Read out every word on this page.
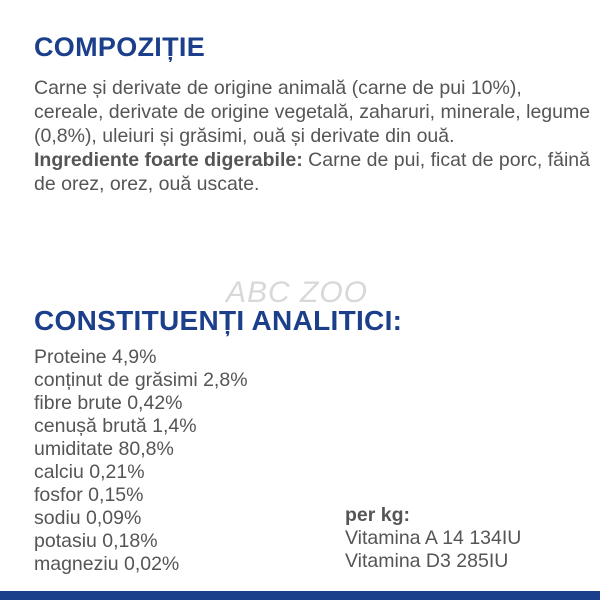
COMPOZIȚIE

Carne și derivate de origine animală (carne de pui 10%), cereale, derivate de origine vegetală, zaharuri, minerale, legume (0,8%), uleiuri și grăsimi, ouă și derivate din ouă.
Ingrediente foarte digerabile: Carne de pui, ficat de porc, făină de orez, orez, ouă uscate.

ABC ZOO
CONSTITUENȚI ANALITICI:
Proteine 4,9%
conținut de grăsimi 2,8%
fibre brute 0,42%
cenușă brută 1,4%
umiditate 80,8%
calciu 0,21%
fosfor 0,15%
sodiu 0,09%
potasiu 0,18%
magneziu 0,02%
per kg:
Vitamina A 14 134IU
Vitamina D3 285IU
